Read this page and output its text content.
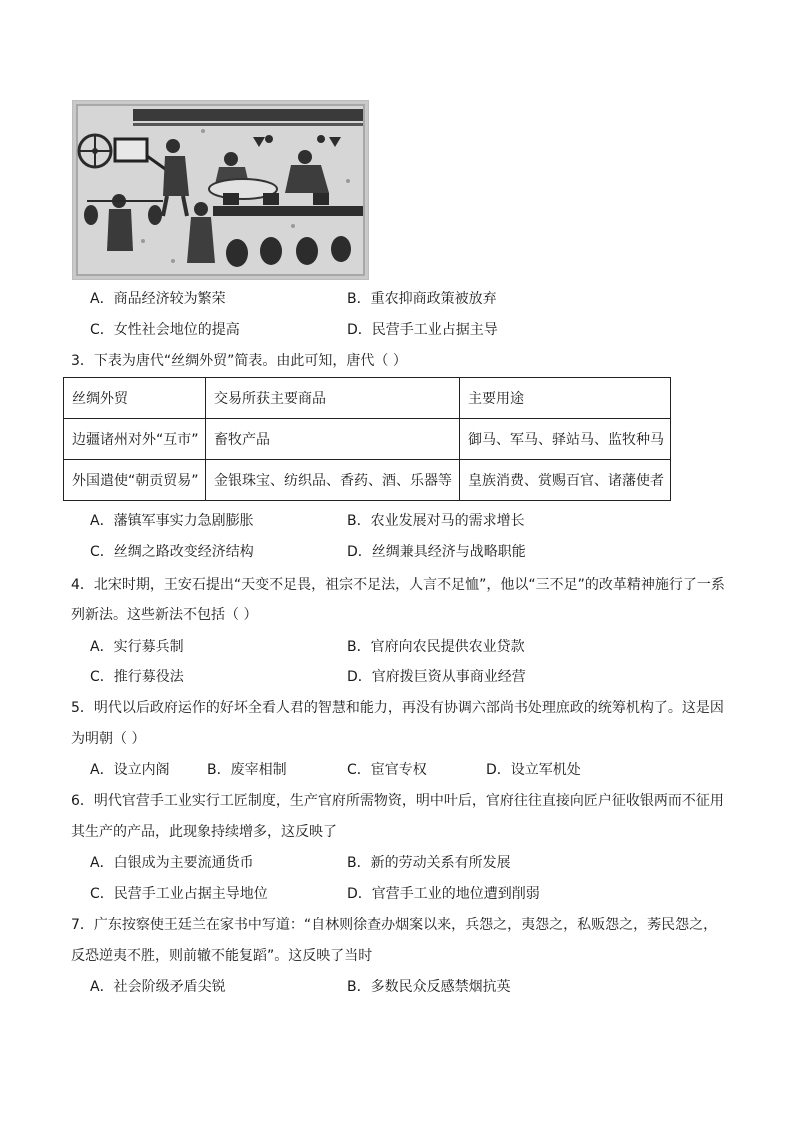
A．商品经济较为繁荣	B．重农抑商政策被放弃
C．女性社会地位的提高	D．民营手工业占据主导
3．下表为唐代“丝绸外贸”简表。由此可知，唐代（ ）
丝绸外贸	交易所获主要商品	主要用途
边疆诸州对外“互市”	畜牧产品	御马、军马、驿站马、监牧种马
外国遣使“朝贡贸易”	金银珠宝、纺织品、香药、酒、乐器等	皇族消费、赏赐百官、诸藩使者
A．藩镇军事实力急剧膨胀	B．农业发展对马的需求增长
C．丝绸之路改变经济结构	D．丝绸兼具经济与战略职能
4．北宋时期，王安石提出“天变不足畏，祖宗不足法，人言不足恤”，他以“三不足”的改革精神施行了一系
列新法。这些新法不包括（ ）
A．实行募兵制	B．官府向农民提供农业贷款
C．推行募役法	D．官府拨巨资从事商业经营
5．明代以后政府运作的好坏全看人君的智慧和能力，再没有协调六部尚书处理庶政的统筹机构了。这是因
为明朝（ ）
A．设立内阁	B．废宰相制	C．宦官专权	D．设立军机处
6．明代官营手工业实行工匠制度，生产官府所需物资，明中叶后，官府往往直接向匠户征收银两而不征用
其生产的产品，此现象持续增多，这反映了
A．白银成为主要流通货币	B．新的劳动关系有所发展
C．民营手工业占据主导地位	D．官营手工业的地位遭到削弱
7．广东按察使王廷兰在家书中写道：“自林则徐查办烟案以来，兵怨之，夷怨之，私贩怨之，莠民怨之，
反恐逆夷不胜，则前辙不能复蹈”。这反映了当时
A．社会阶级矛盾尖锐	B．多数民众反感禁烟抗英
